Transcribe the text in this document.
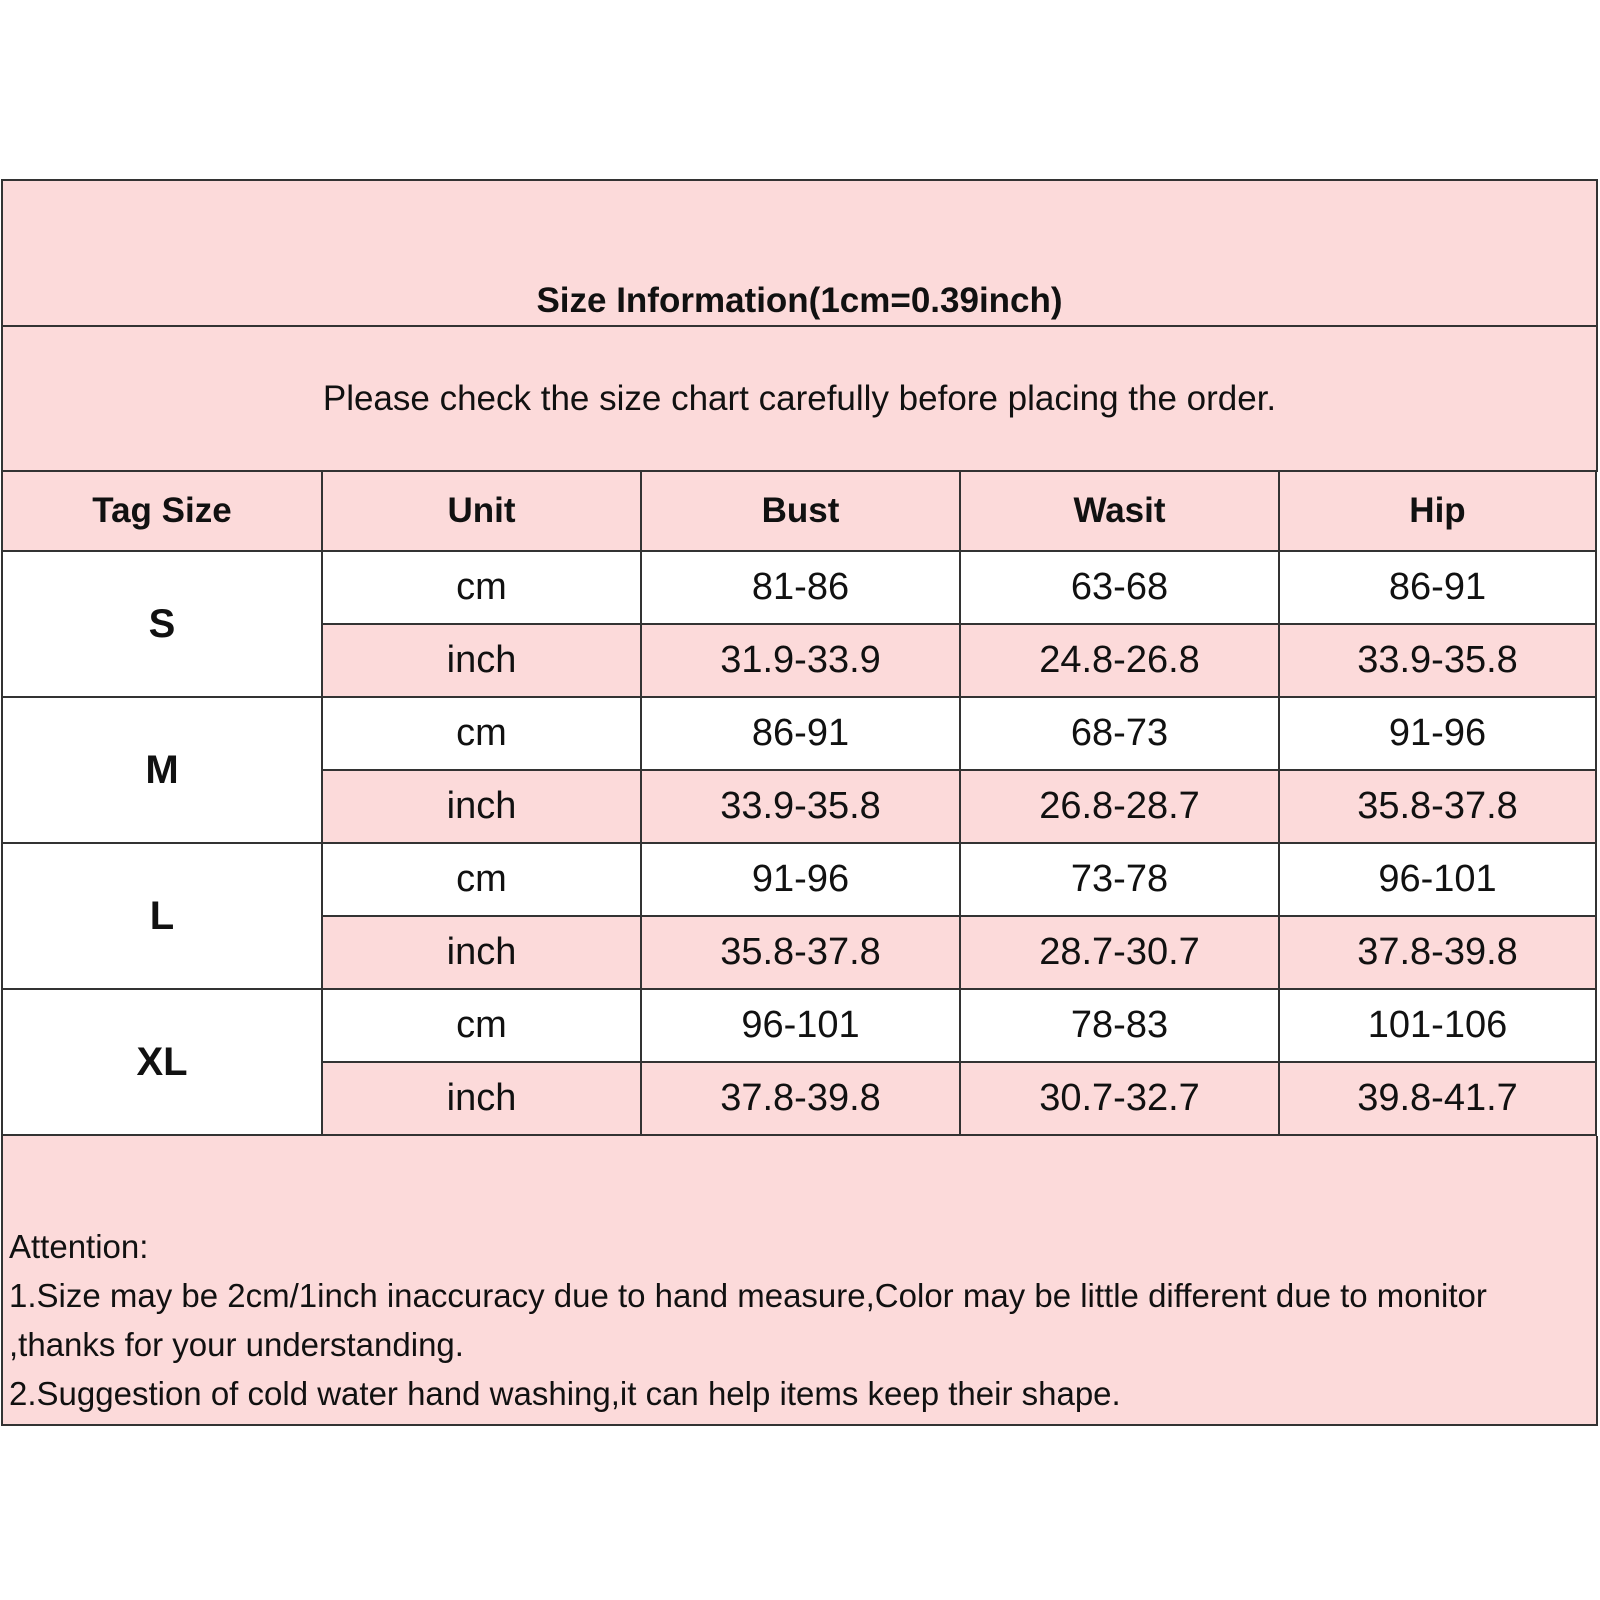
Size Information(1cm=0.39inch)
Please check the size chart carefully before placing the order.
Tag Size	Unit	Bust	Wasit	Hip
S
cm	81-86	63-68	86-91
inch	31.9-33.9	24.8-26.8	33.9-35.8
M
cm	86-91	68-73	91-96
inch	33.9-35.8	26.8-28.7	35.8-37.8
L
cm	91-96	73-78	96-101
inch	35.8-37.8	28.7-30.7	37.8-39.8
XL
cm	96-101	78-83	101-106
inch	37.8-39.8	30.7-32.7	39.8-41.7
Attention:
1.Size may be 2cm/1inch inaccuracy due to hand measure,Color may be little different due to monitor ,thanks for your understanding.
2.Suggestion of cold water hand washing,it can help items keep their shape.
